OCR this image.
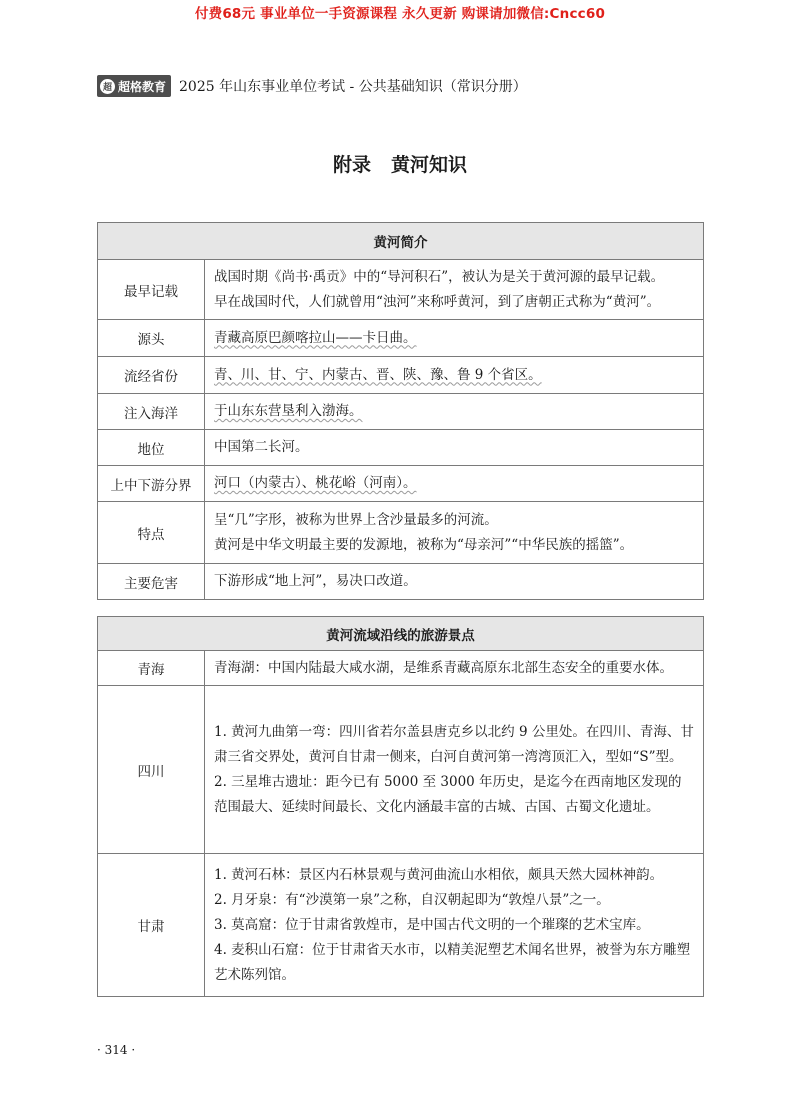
付费68元 事业单位一手资源课程 永久更新 购课请加微信:Cncc60
超 超格教育 2025 年山东事业单位考试 - 公共基础知识（常识分册）
附录 黄河知识
黄河简介	
最早记载	战国时期《尚书·禹贡》中的“导河积石”，被认为是关于黄河源的最早记载。

早在战国时代，人们就曾用“浊河”来称呼黄河，到了唐朝正式称为“黄河”。

源头	青藏高原巴颜喀拉山——卡日曲。

流经省份	青、川、甘、宁、内蒙古、晋、陕、豫、鲁 9 个省区。

注入海洋	于山东东营垦利入渤海。

地位	中国第二长河。

上中下游分界	河口（内蒙古）、桃花峪（河南）。

特点	呈“几”字形，被称为世界上含沙量最多的河流。

黄河是中华文明最主要的发源地，被称为“母亲河”“中华民族的摇篮”。

主要危害	下游形成“地上河”，易决口改道。

黄河流域沿线的旅游景点	
青海	青海湖：中国内陆最大咸水湖，是维系青藏高原东北部生态安全的重要水体。

四川	1. 黄河九曲第一弯：四川省若尔盖县唐克乡以北约 9 公里处。在四川、青海、甘肃三省交界处，黄河自甘肃一侧来，白河自黄河第一湾湾顶汇入，型如“S”型。

2. 三星堆古遗址：距今已有 5000 至 3000 年历史，是迄今在西南地区发现的范围最大、延续时间最长、文化内涵最丰富的古城、古国、古蜀文化遗址。

甘肃	1. 黄河石林：景区内石林景观与黄河曲流山水相依，颇具天然大园林神韵。

2. 月牙泉：有“沙漠第一泉”之称，自汉朝起即为“敦煌八景”之一。

3. 莫高窟：位于甘肃省敦煌市，是中国古代文明的一个璀璨的艺术宝库。

4. 麦积山石窟：位于甘肃省天水市，以精美泥塑艺术闻名世界，被誉为东方雕塑艺术陈列馆。

· 314 ·
